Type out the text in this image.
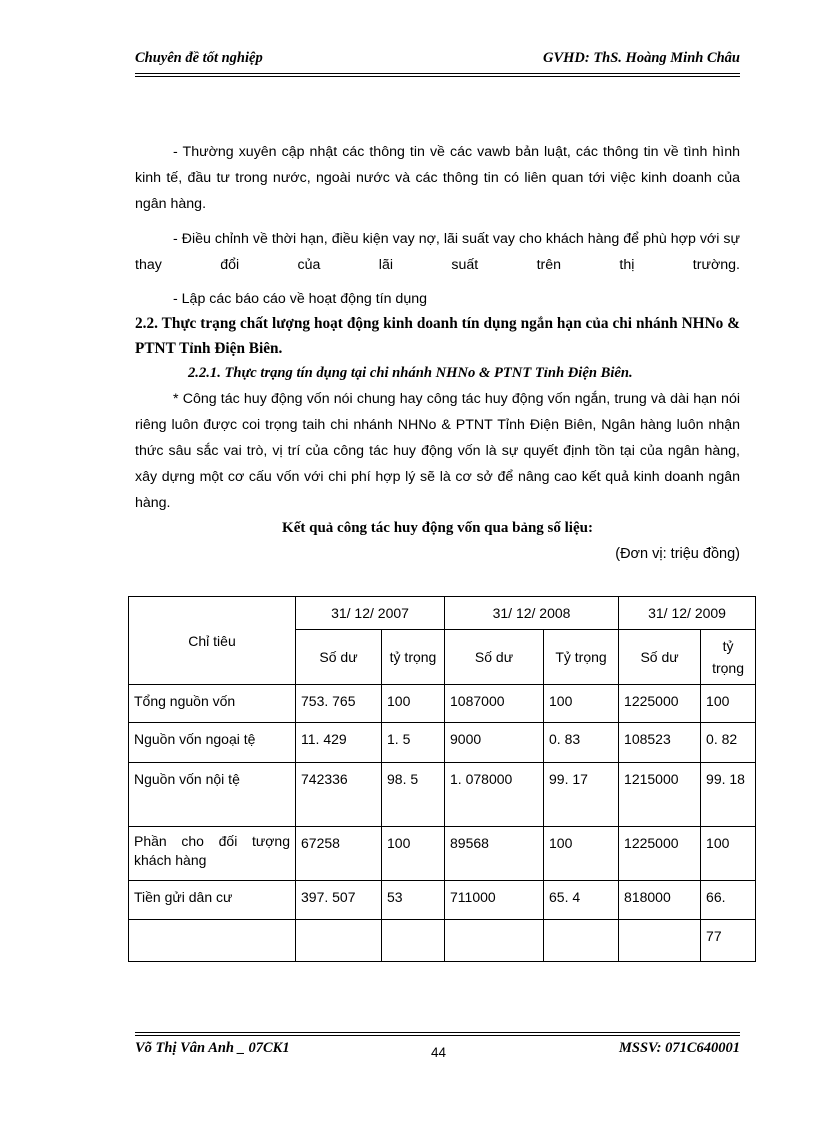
Chuyên đề tốt nghiệp	GVHD: ThS. Hoàng Minh Châu
- Thường xuyên cập nhật các thông tin về các vawb bản luật, các thông tin về tình hình kinh tế, đầu tư trong nước, ngoài nước và các thông tin có liên quan tới việc kinh doanh của ngân hàng.
- Điều chỉnh về thời hạn, điều kiện vay nợ, lãi suất vay cho khách hàng để phù hợp với sự thay đổi của lãi suất trên thị trường.
- Lập các báo cáo về hoạt động tín dụng
2.2. Thực trạng chất lượng hoạt động kinh doanh tín dụng ngắn hạn của chi nhánh NHNo & PTNT Tỉnh Điện Biên.
2.2.1. Thực trạng tín dụng tại chi nhánh NHNo & PTNT Tỉnh Điện Biên.
* Công tác huy động vốn nói chung hay công tác huy động vốn ngắn, trung và dài hạn nói riêng luôn được coi trọng taih chi nhánh NHNo & PTNT Tỉnh Điện Biên, Ngân hàng luôn nhận thức sâu sắc vai trò, vị trí của công tác huy động vốn là sự quyết định tồn tại của ngân hàng, xây dựng một cơ cấu vốn với chi phí hợp lý sẽ là cơ sở để nâng cao kết quả kinh doanh ngân hàng.
Kết quả công tác huy động vốn qua bảng số liệu:
(Đơn vị: triệu đồng)
Chỉ tiêu	31/ 12/ 2007		31/ 12/ 2008		31/ 12/ 2009	
	Số dư	tỷ trọng	Số dư	Tỷ trọng	Số dư	tỷ trọng
Tổng nguồn vốn	753. 765	100	1087000	100	1225000	100
Nguồn vốn ngoại tệ	11. 429	1. 5	9000	0. 83	108523	0. 82
Nguồn vốn nội tệ	742336	98. 5	1. 078000	99. 17	1215000	99. 18
Phần cho đối tượng khách hàng	67258	100	89568	100	1225000	100
Tiền gửi dân cư	397. 507	53	711000	65. 4	818000	66.
						77
Võ Thị Vân Anh _ 07CK1	44	MSSV: 071C640001
